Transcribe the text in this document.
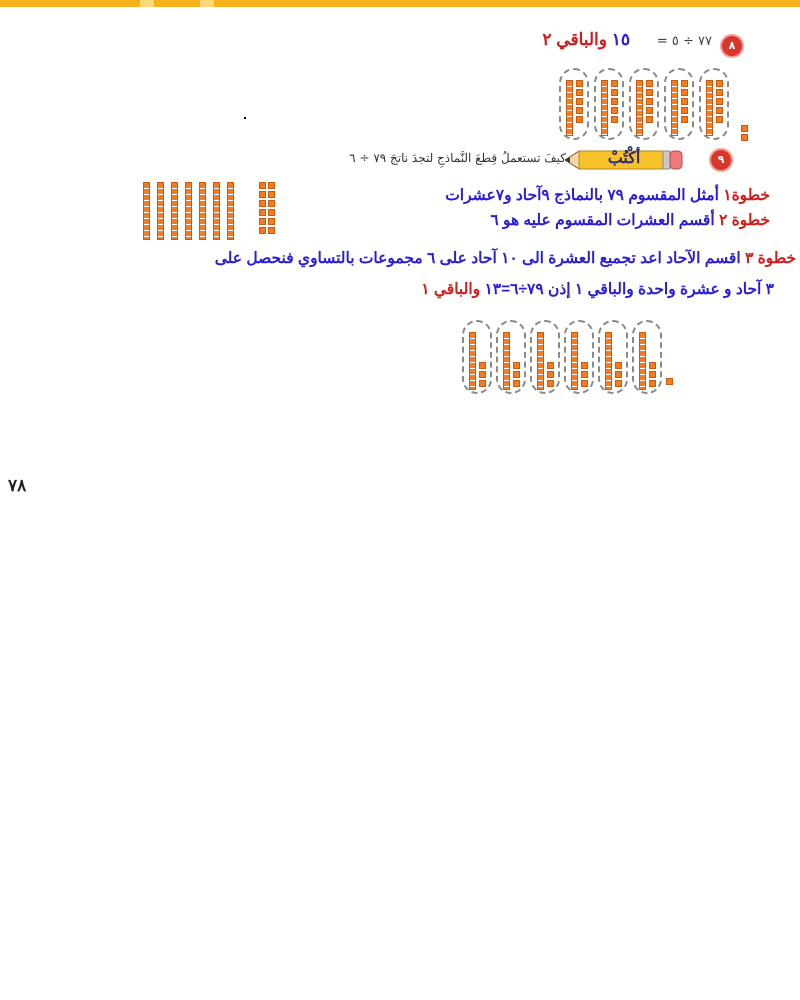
٨
٧٧ ÷ ٥ =
١٥ والباقي ٢
٩
أكْتُبْ
كيفَ تستعملُ قِطعَ النَّماذجِ لتجدَ ناتجَ ٧٩ ÷ ٦
خطوة١ أمثل المقسوم ٧٩ بالنماذج ٩آحاد و٧عشرات
خطوة ٢ أقسم العشرات المقسوم عليه هو ٦
خطوة ٣ اقسم الآحاد اعد تجميع العشرة الى ١٠ آحاد على ٦ مجموعات بالتساوي فنحصل على
٣ آحاد و عشرة واحدة والباقي ١ إذن ٧٩÷٦=١٣ والباقي ١
٧٨
